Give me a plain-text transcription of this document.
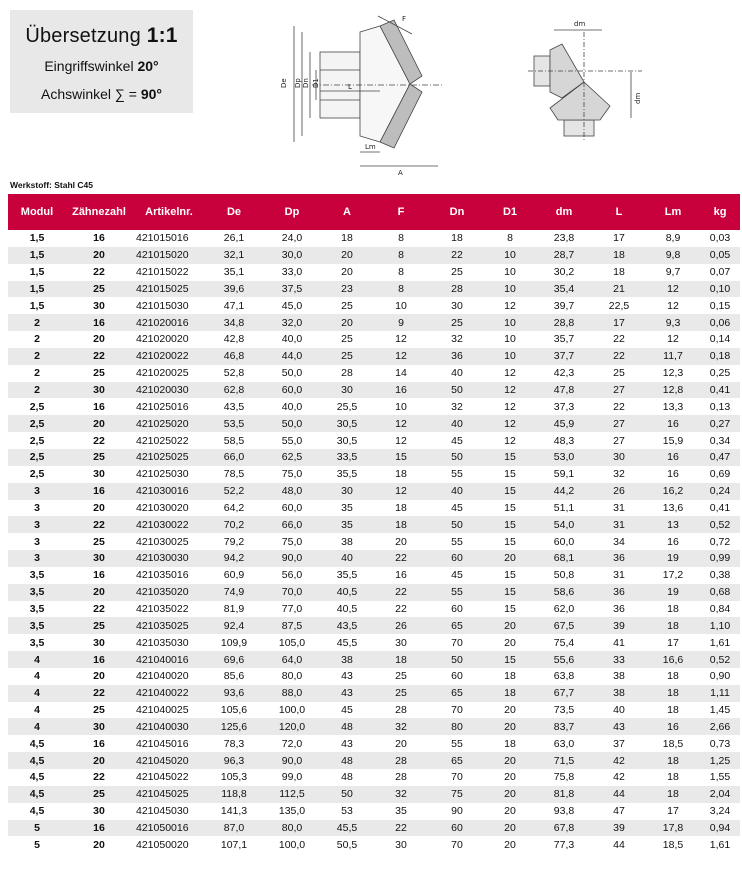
Übersetzung 1:1
Eingriffswinkel 20°
Achswinkel ∑ = 90°
De Dp Dn D1	L
Lm
A
F
dm
dm
Werkstoff: Stahl C45
Modul	Zähnezahl	Artikelnr.	De	Dp	A	F	Dn	D1	dm	L	Lm	kg
1,5	16	421015016	26,1	24,0	18	8	18	8	23,8	17	8,9	0,03
1,5	20	421015020	32,1	30,0	20	8	22	10	28,7	18	9,8	0,05
1,5	22	421015022	35,1	33,0	20	8	25	10	30,2	18	9,7	0,07
1,5	25	421015025	39,6	37,5	23	8	28	10	35,4	21	12	0,10
1,5	30	421015030	47,1	45,0	25	10	30	12	39,7	22,5	12	0,15
2	16	421020016	34,8	32,0	20	9	25	10	28,8	17	9,3	0,06
2	20	421020020	42,8	40,0	25	12	32	10	35,7	22	12	0,14
2	22	421020022	46,8	44,0	25	12	36	10	37,7	22	11,7	0,18
2	25	421020025	52,8	50,0	28	14	40	12	42,3	25	12,3	0,25
2	30	421020030	62,8	60,0	30	16	50	12	47,8	27	12,8	0,41
2,5	16	421025016	43,5	40,0	25,5	10	32	12	37,3	22	13,3	0,13
2,5	20	421025020	53,5	50,0	30,5	12	40	12	45,9	27	16	0,27
2,5	22	421025022	58,5	55,0	30,5	12	45	12	48,3	27	15,9	0,34
2,5	25	421025025	66,0	62,5	33,5	15	50	15	53,0	30	16	0,47
2,5	30	421025030	78,5	75,0	35,5	18	55	15	59,1	32	16	0,69
3	16	421030016	52,2	48,0	30	12	40	15	44,2	26	16,2	0,24
3	20	421030020	64,2	60,0	35	18	45	15	51,1	31	13,6	0,41
3	22	421030022	70,2	66,0	35	18	50	15	54,0	31	13	0,52
3	25	421030025	79,2	75,0	38	20	55	15	60,0	34	16	0,72
3	30	421030030	94,2	90,0	40	22	60	20	68,1	36	19	0,99
3,5	16	421035016	60,9	56,0	35,5	16	45	15	50,8	31	17,2	0,38
3,5	20	421035020	74,9	70,0	40,5	22	55	15	58,6	36	19	0,68
3,5	22	421035022	81,9	77,0	40,5	22	60	15	62,0	36	18	0,84
3,5	25	421035025	92,4	87,5	43,5	26	65	20	67,5	39	18	1,10
3,5	30	421035030	109,9	105,0	45,5	30	70	20	75,4	41	17	1,61
4	16	421040016	69,6	64,0	38	18	50	15	55,6	33	16,6	0,52
4	20	421040020	85,6	80,0	43	25	60	18	63,8	38	18	0,90
4	22	421040022	93,6	88,0	43	25	65	18	67,7	38	18	1,11
4	25	421040025	105,6	100,0	45	28	70	20	73,5	40	18	1,45
4	30	421040030	125,6	120,0	48	32	80	20	83,7	43	16	2,66
4,5	16	421045016	78,3	72,0	43	20	55	18	63,0	37	18,5	0,73
4,5	20	421045020	96,3	90,0	48	28	65	20	71,5	42	18	1,25
4,5	22	421045022	105,3	99,0	48	28	70	20	75,8	42	18	1,55
4,5	25	421045025	118,8	112,5	50	32	75	20	81,8	44	18	2,04
4,5	30	421045030	141,3	135,0	53	35	90	20	93,8	47	17	3,24
5	16	421050016	87,0	80,0	45,5	22	60	20	67,8	39	17,8	0,94
5	20	421050020	107,1	100,0	50,5	30	70	20	77,3	44	18,5	1,61
